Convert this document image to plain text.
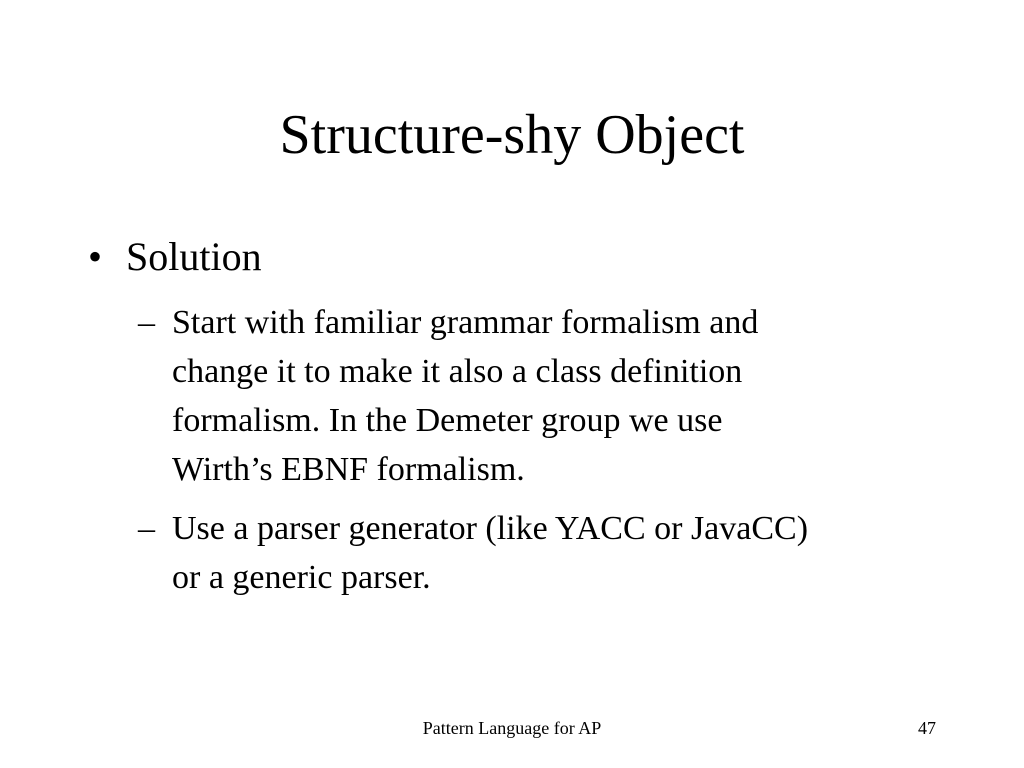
Structure-shy Object
• Solution
– Start with familiar grammar formalism and
change it to make it also a class definition
formalism. In the Demeter group we use
Wirth’s EBNF formalism.
– Use a parser generator (like YACC or JavaCC)
or a generic parser.
Pattern Language for AP	47
